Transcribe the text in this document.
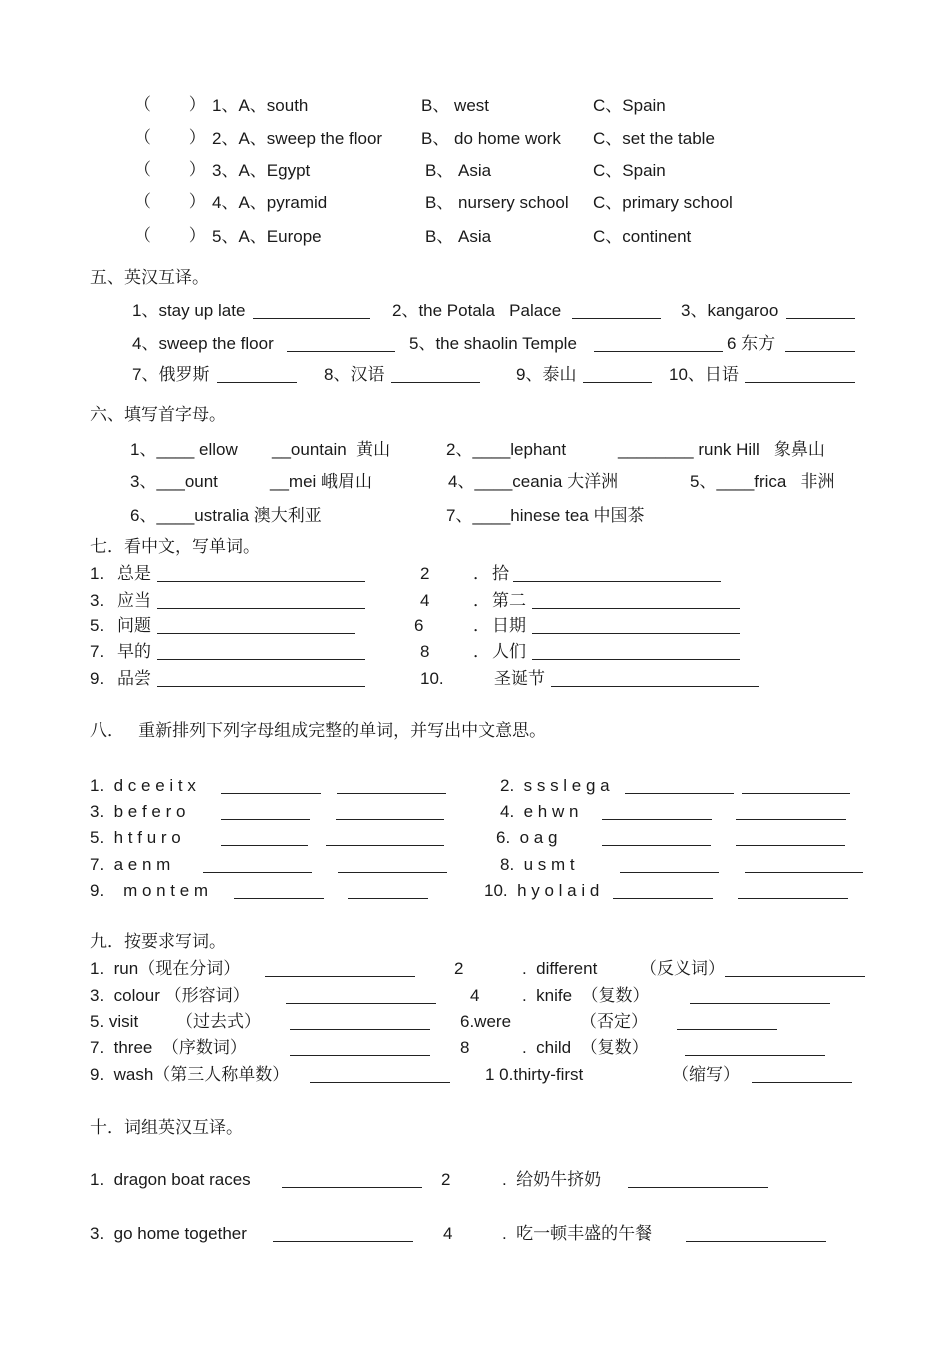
（        ） 1、A、south	B、 west	C、Spain
（        ） 2、A、sweep the floor B、 do home work C、set the table
（        ） 3、A、Egypt	B、 Asia	C、Spain
（        ） 4、A、pyramid	B、 nursery school C、primary school
（        ） 5、A、Europe	B、 Asia	C、continent
五、英汉互译。
1、stay up late	2、the Potala   Palace	3、kangaroo
4、sweep the floor	5、the shaolin Temple	6 东方
7、俄罗斯	8、汉语	9、泰山	10、日语
六、填写首字母。
1、____ ellow __ountain  黄山	2、____lephant	________ runk Hill   象鼻山
3、___ount	__mei 峨眉山	4、____ceania 大洋洲	5、____frica   非洲
6、____ustralia 澳大利亚	7、____hinese tea 中国茶
七．看中文，写单词。
1. 总是	2	． 拾
3. 应当	4	． 第二
5. 问题	6	． 日期
7. 早的	8	． 人们
9. 品尝	10.	圣诞节
八．   重新排列下列字母组成完整的单词，并写出中文意思。
1.  d c e e i t x	2.  s s s l e g a
3.  b e f e r o	4.  e h w n
5.  h t f u r o	6.  o a g
7.  a e n m	8.  u s m t
9.    m o n t e m	10.  h y o l a i d
九．按要求写词。
1.  run（现在分词）	2	.  different	（反义词）
3.  colour （形容词）	4	.  knife  （复数）
5. visit （过去式）	6.were	（否定）
7.  three  （序数词）	8	.  child  （复数）
9.  wash（第三人称单数）	1 0.thirty-first	（缩写）
十．词组英汉互译。
1.  dragon boat races	2	.  给奶牛挤奶
3.  go home together	4	.  吃一顿丰盛的午餐
